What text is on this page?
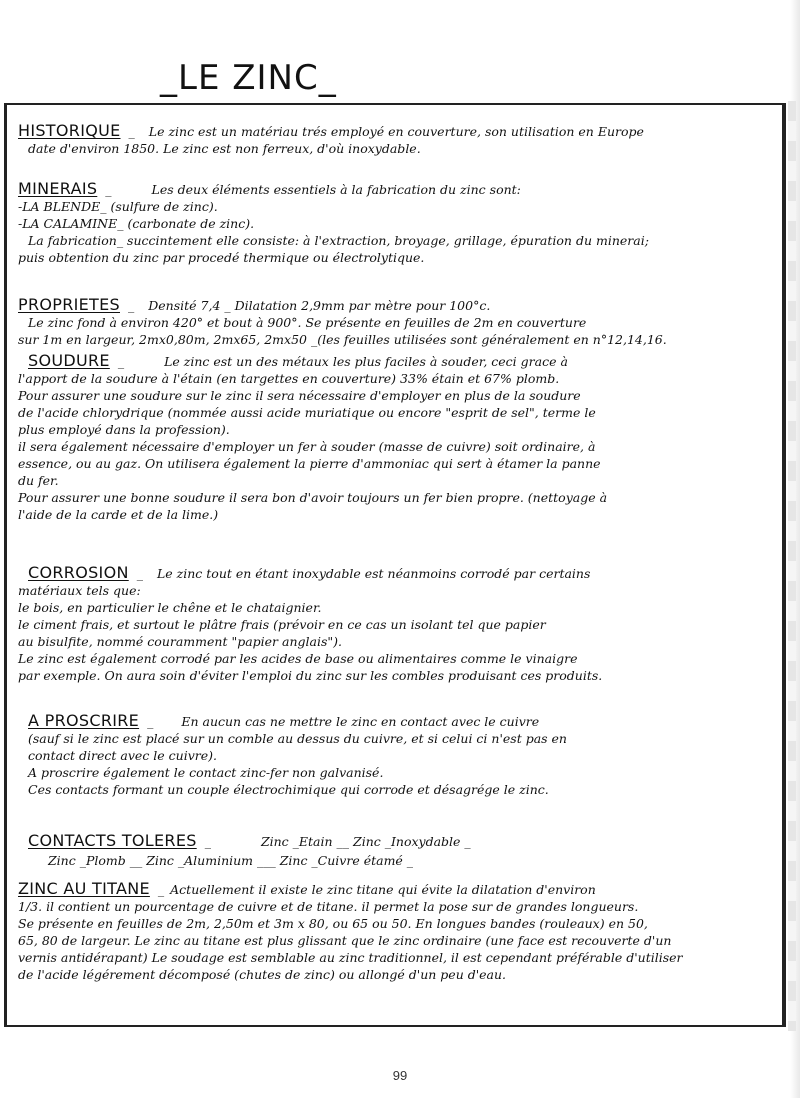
_LE ZINC_
HISTORIQUE _ Le zinc est un matériau trés employé en couverture, son utilisation en Europe
date d'environ 1850. Le zinc est non ferreux, d'où inoxydable.
MINERAIS _	Les deux éléments essentiels à la fabrication du zinc sont:
-LA BLENDE_ (sulfure de zinc).
-LA CALAMINE_ (carbonate de zinc).
La fabrication_ succintement elle consiste: à l'extraction, broyage, grillage, épuration du minerai;
puis obtention du zinc par procedé thermique ou électrolytique.
PROPRIETES _ Densité 7,4 _ Dilatation 2,9mm par mètre pour 100°c.
Le zinc fond à environ 420° et bout à 900°. Se présente en feuilles de 2m en couverture
sur 1m en largeur, 2mx0,80m, 2mx65, 2mx50 _(les feuilles utilisées sont généralement en n°12,14,16.
SOUDURE _	Le zinc est un des métaux les plus faciles à souder, ceci grace à
l'apport de la soudure à l'étain (en targettes en couverture) 33% étain et 67% plomb.
Pour assurer une soudure sur le zinc il sera nécessaire d'employer en plus de la soudure
de l'acide chlorydrique (nommée aussi acide muriatique ou encore "esprit de sel", terme le
plus employé dans la profession).
il sera également nécessaire d'employer un fer à souder (masse de cuivre) soit ordinaire, à
essence, ou au gaz. On utilisera également la pierre d'ammoniac qui sert à étamer la panne
du fer.
Pour assurer une bonne soudure il sera bon d'avoir toujours un fer bien propre. (nettoyage à
l'aide de la carde et de la lime.)
CORROSION _ Le zinc tout en étant inoxydable est néanmoins corrodé par certains
matériaux tels que:
le bois, en particulier le chêne et le chataignier.
le ciment frais, et surtout le plâtre frais (prévoir en ce cas un isolant tel que papier
au bisulfite, nommé couramment "papier anglais").
Le zinc est également corrodé par les acides de base ou alimentaires comme le vinaigre
par exemple. On aura soin d'éviter l'emploi du zinc sur les combles produisant ces produits.
A PROSCRIRE _ En aucun cas ne mettre le zinc en contact avec le cuivre
(sauf si le zinc est placé sur un comble au dessus du cuivre, et si celui ci n'est pas en
contact direct avec le cuivre).
A proscrire également le contact zinc-fer non galvanisé.
Ces contacts formant un couple électrochimique qui corrode et désagrége le zinc.
CONTACTS TOLERES _	Zinc _Etain __ Zinc _Inoxydable _
Zinc _Plomb __ Zinc _Aluminium ___ Zinc _Cuivre étamé _
ZINC AU TITANE _ Actuellement il existe le zinc titane qui évite la dilatation d'environ
1/3. il contient un pourcentage de cuivre et de titane. il permet la pose sur de grandes longueurs.
Se présente en feuilles de 2m, 2,50m et 3m x 80, ou 65 ou 50. En longues bandes (rouleaux) en 50,
65, 80 de largeur. Le zinc au titane est plus glissant que le zinc ordinaire (une face est recouverte d'un
vernis antidérapant) Le soudage est semblable au zinc traditionnel, il est cependant préférable d'utiliser
de l'acide légérement décomposé (chutes de zinc) ou allongé d'un peu d'eau.
99
